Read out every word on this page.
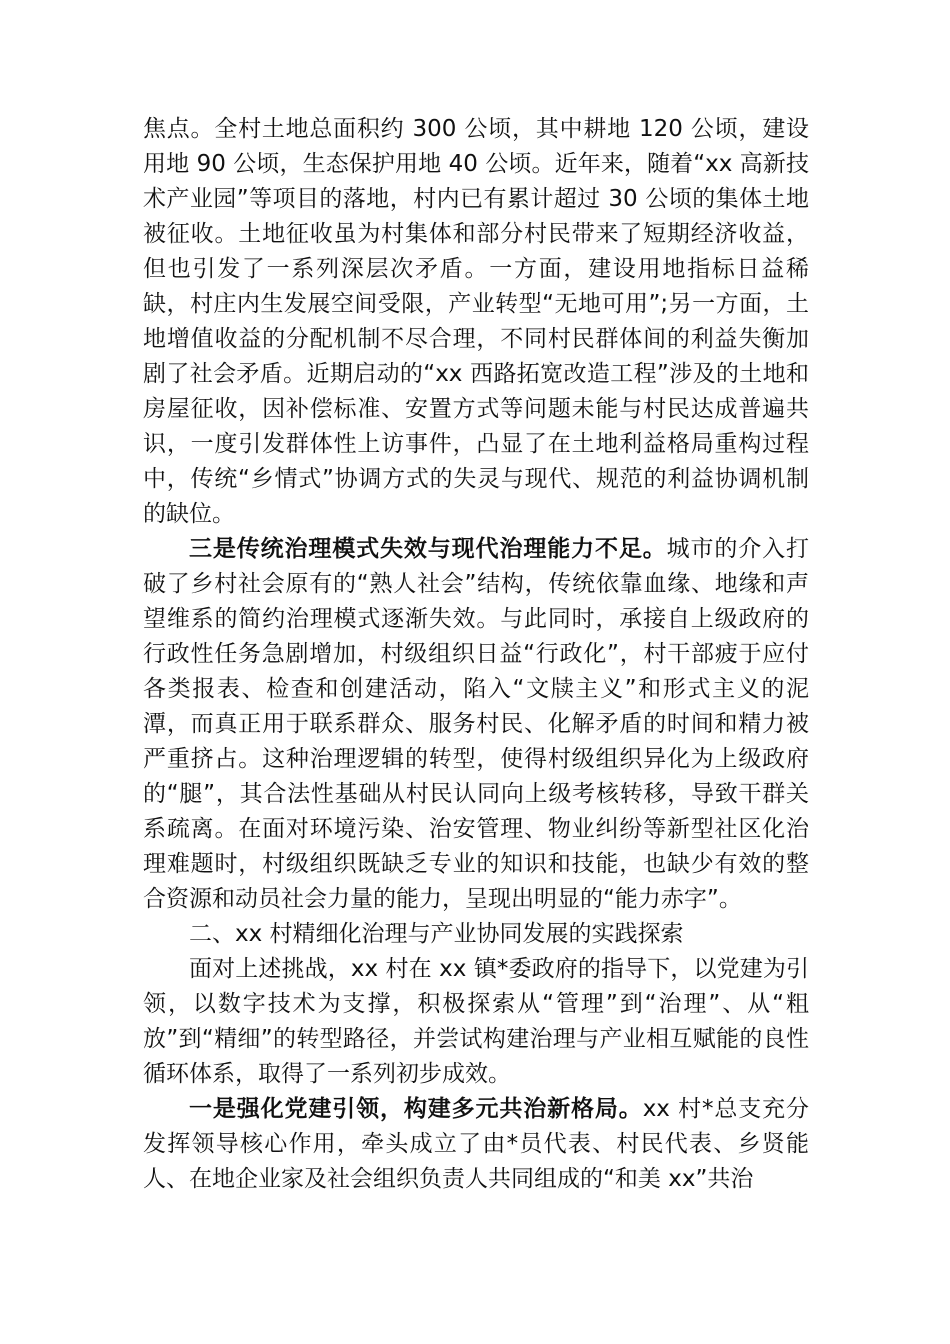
焦点。全村土地总面积约 300 公顷，其中耕地 120 公顷，建设用地 90 公顷，生态保护用地 40 公顷。近年来，随着“xx 高新技术产业园”等项目的落地，村内已有累计超过 30 公顷的集体土地被征收。土地征收虽为村集体和部分村民带来了短期经济收益，但也引发了一系列深层次矛盾。一方面，建设用地指标日益稀缺，村庄内生发展空间受限，产业转型“无地可用”;另一方面，土地增值收益的分配机制不尽合理，不同村民群体间的利益失衡加剧了社会矛盾。近期启动的“xx 西路拓宽改造工程”涉及的土地和房屋征收，因补偿标准、安置方式等问题未能与村民达成普遍共识，一度引发群体性上访事件，凸显了在土地利益格局重构过程中，传统“乡情式”协调方式的失灵与现代、规范的利益协调机制的缺位。

三是传统治理模式失效与现代治理能力不足。城市的介入打破了乡村社会原有的“熟人社会”结构，传统依靠血缘、地缘和声望维系的简约治理模式逐渐失效。与此同时，承接自上级政府的行政性任务急剧增加，村级组织日益“行政化”，村干部疲于应付各类报表、检查和创建活动，陷入“文牍主义”和形式主义的泥潭，而真正用于联系群众、服务村民、化解矛盾的时间和精力被严重挤占。这种治理逻辑的转型，使得村级组织异化为上级政府的“腿”，其合法性基础从村民认同向上级考核转移，导致干群关系疏离。在面对环境污染、治安管理、物业纠纷等新型社区化治理难题时，村级组织既缺乏专业的知识和技能，也缺少有效的整合资源和动员社会力量的能力，呈现出明显的“能力赤字”。

二、xx 村精细化治理与产业协同发展的实践探索

面对上述挑战，xx 村在 xx 镇*委政府的指导下，以党建为引领，以数字技术为支撑，积极探索从“管理”到“治理”、从“粗放”到“精细”的转型路径，并尝试构建治理与产业相互赋能的良性循环体系，取得了一系列初步成效。

一是强化党建引领，构建多元共治新格局。xx 村*总支充分发挥领导核心作用，牵头成立了由*员代表、村民代表、乡贤能人、在地企业家及社会组织负责人共同组成的“和美 xx”共治
